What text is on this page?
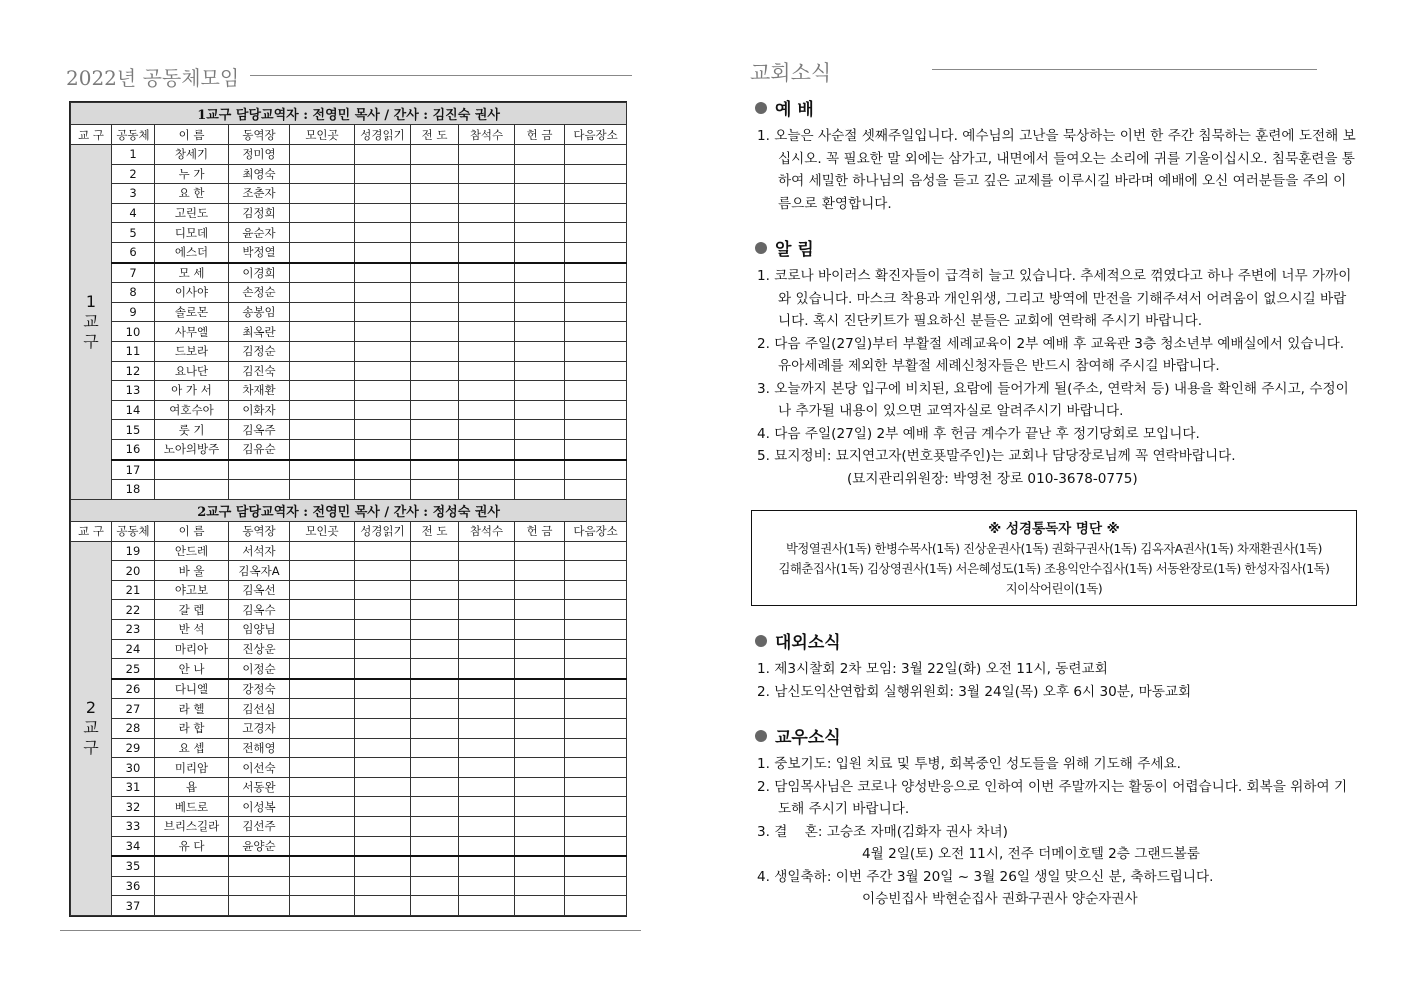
2022년 공동체모임
1교구 담당교역자 : 전영민 목사 / 간사 : 김진숙 권사									
교 구	공동체	이 름	동역장	모인곳	성경읽기	전 도	참석수	헌 금	다음장소
1
교
구	1	창세기	정미영						
	2	누 가	최영숙						
	3	요 한	조춘자						
	4	고린도	김정희						
	5	디모데	윤순자						
	6	에스더	박정열						
	7	모 세	이경희						
	8	이사야	손정순						
	9	솔로몬	송봉임						
	10	사무엘	최옥란						
	11	드보라	김정순						
	12	요나단	김진숙						
	13	아 가 서	차재환						
	14	여호수아	이화자						
	15	룻 기	김옥주						
	16	노아의방주	김유순						
	17								
	18								
2교구 담당교역자 : 전영민 목사 / 간사 : 정성숙 권사									
교 구	공동체	이 름	동역장	모인곳	성경읽기	전 도	참석수	헌 금	다음장소
2
교
구	19	안드레	서석자						
	20	바 울	김옥자A						
	21	야고보	김옥선						
	22	갈 렙	김옥수						
	23	반 석	임양님						
	24	마리아	진상운						
	25	안 나	이정순						
	26	다니엘	강정숙						
	27	라 헬	김선심						
	28	라 합	고경자						
	29	요 셉	전해영						
	30	미리암	이선숙						
	31	욥	서동완						
	32	베드로	이성복						
	33	브리스길라	김선주						
	34	유 다	윤양순						
	35								
	36								
	37								
교회소식
예 배

1. 오늘은 사순절 셋째주일입니다. 예수님의 고난을 묵상하는 이번 한 주간 침묵하는 훈련에 도전해 보십시오. 꼭 필요한 말 외에는 삼가고, 내면에서 들여오는 소리에 귀를 기울이십시오. 침묵훈련을 통하여 세밀한 하나님의 음성을 듣고 깊은 교제를 이루시길 바라며 예배에 오신 여러분들을 주의 이름으로 환영합니다.

알 림

1. 코로나 바이러스 확진자들이 급격히 늘고 있습니다. 추세적으로 꺾였다고 하나 주변에 너무 가까이 와 있습니다. 마스크 착용과 개인위생, 그리고 방역에 만전을 기해주셔서 어려움이 없으시길 바랍니다. 혹시 진단키트가 필요하신 분들은 교회에 연락해 주시기 바랍니다.

2. 다음 주일(27일)부터 부활절 세례교육이 2부 예배 후 교육관 3층 청소년부 예배실에서 있습니다. 유아세례를 제외한 부활절 세례신청자들은 반드시 참여해 주시길 바랍니다.

3. 오늘까지 본당 입구에 비치된, 요람에 들어가게 될(주소, 연락처 등) 내용을 확인해 주시고, 수정이나 추가될 내용이 있으면 교역자실로 알려주시기 바랍니다.

4. 다음 주일(27일) 2부 예배 후 헌금 계수가 끝난 후 정기당회로 모입니다.

5. 묘지정비: 묘지연고자(번호푯말주인)는 교회나 담당장로님께 꼭 연락바랍니다.

(묘지관리위원장: 박영천 장로 010-3678-0775)

※ 성경통독자 명단 ※
박정열권사(1독) 한병수목사(1독) 진상운권사(1독) 권화구권사(1독) 김옥자A권사(1독) 차재환권사(1독)
김해춘집사(1독) 김상영권사(1독) 서은혜성도(1독) 조용익안수집사(1독) 서동완장로(1독) 한성자집사(1독)
지이삭어린이(1독)
대외소식

1. 제3시찰회 2차 모임: 3월 22일(화) 오전 11시, 동련교회

2. 남신도익산연합회 실행위원회: 3월 24일(목) 오후 6시 30분, 마동교회

교우소식

1. 중보기도: 입원 치료 및 투병, 회복중인 성도들을 위해 기도해 주세요.

2. 담임목사님은 코로나 양성반응으로 인하여 이번 주말까지는 활동이 어렵습니다. 회복을 위하여 기도해 주시기 바랍니다.

3. 결    혼: 고승조 자매(김화자 권사 차녀)

4월 2일(토) 오전 11시, 전주 더메이호텔 2층 그랜드볼룸

4. 생일축하: 이번 주간 3월 20일 ~ 3월 26일 생일 맞으신 분, 축하드립니다.

이승빈집사 박현순집사 권화구권사 양순자권사
